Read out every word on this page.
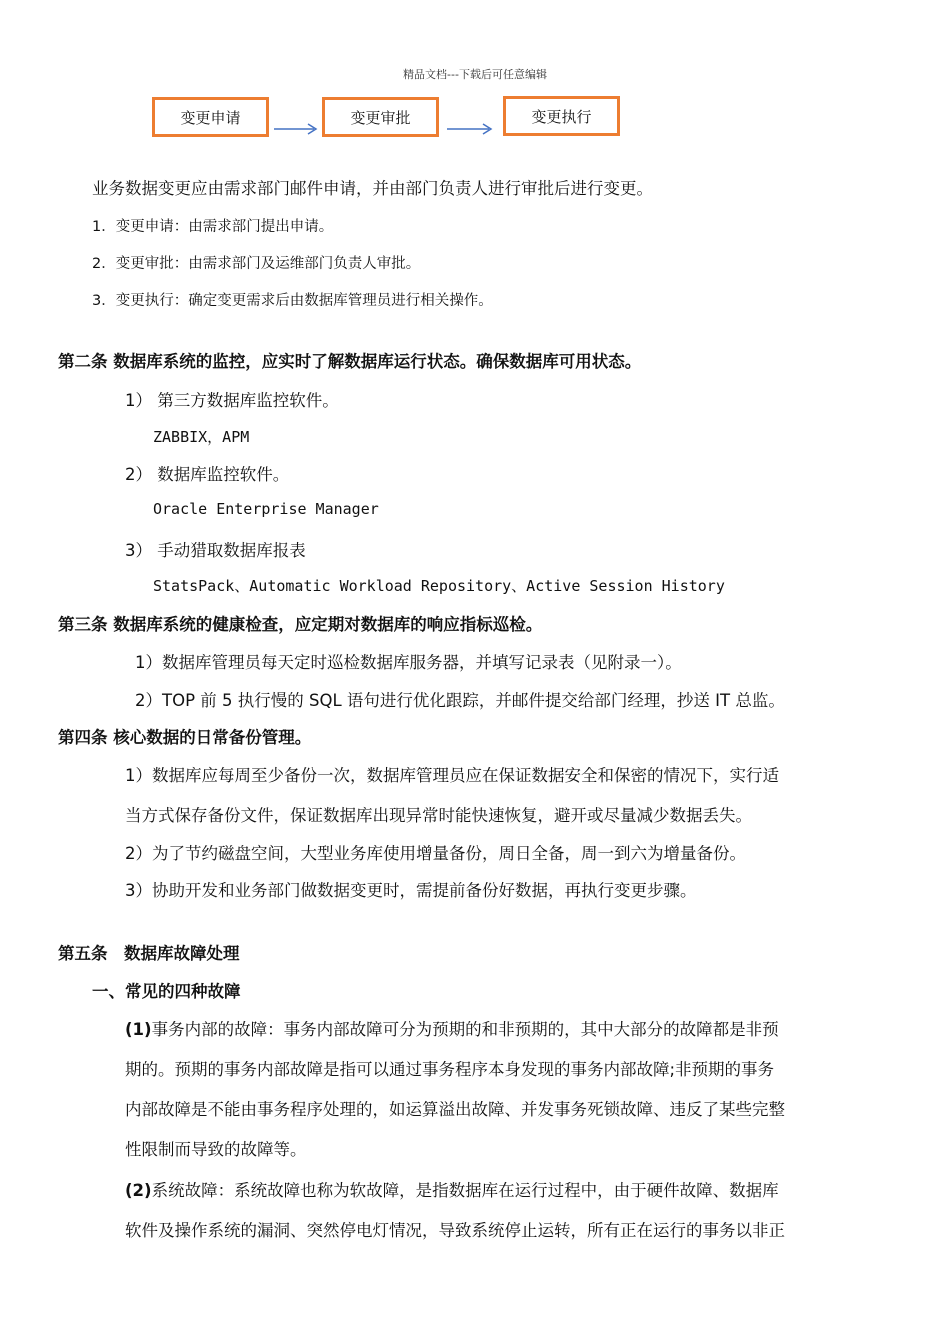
精品文档---下载后可任意编辑
变更申请	变更审批	变更执行
业务数据变更应由需求部门邮件申请，并由部门负责人进行审批后进行变更。
1．变更申请：由需求部门提出申请。
2．变更审批：由需求部门及运维部门负责人审批。
3．变更执行：确定变更需求后由数据库管理员进行相关操作。
第二条 数据库系统的监控，应实时了解数据库运行状态。确保数据库可用状态。
1） 第三方数据库监控软件。
ZABBIX，APM
2） 数据库监控软件。
Oracle Enterprise Manager
3） 手动猎取数据库报表
StatsPack、Automatic Workload Repository、Active Session History
第三条 数据库系统的健康检查，应定期对数据库的响应指标巡检。
1）数据库管理员每天定时巡检数据库服务器，并填写记录表（见附录一）。
2）TOP 前 5 执行慢的 SQL 语句进行优化跟踪，并邮件提交给部门经理，抄送 IT 总监。
第四条 核心数据的日常备份管理。
1）数据库应每周至少备份一次，数据库管理员应在保证数据安全和保密的情况下，实行适
当方式保存备份文件，保证数据库出现异常时能快速恢复，避开或尽量减少数据丢失。
2）为了节约磁盘空间，大型业务库使用增量备份，周日全备，周一到六为增量备份。
3）协助开发和业务部门做数据变更时，需提前备份好数据，再执行变更步骤。
第五条　数据库故障处理
一、常见的四种故障
(1)事务内部的故障：事务内部故障可分为预期的和非预期的，其中大部分的故障都是非预
期的。预期的事务内部故障是指可以通过事务程序本身发现的事务内部故障;非预期的事务
内部故障是不能由事务程序处理的，如运算溢出故障、并发事务死锁故障、违反了某些完整
性限制而导致的故障等。
(2)系统故障：系统故障也称为软故障，是指数据库在运行过程中，由于硬件故障、数据库
软件及操作系统的漏洞、突然停电灯情况，导致系统停止运转，所有正在运行的事务以非正
